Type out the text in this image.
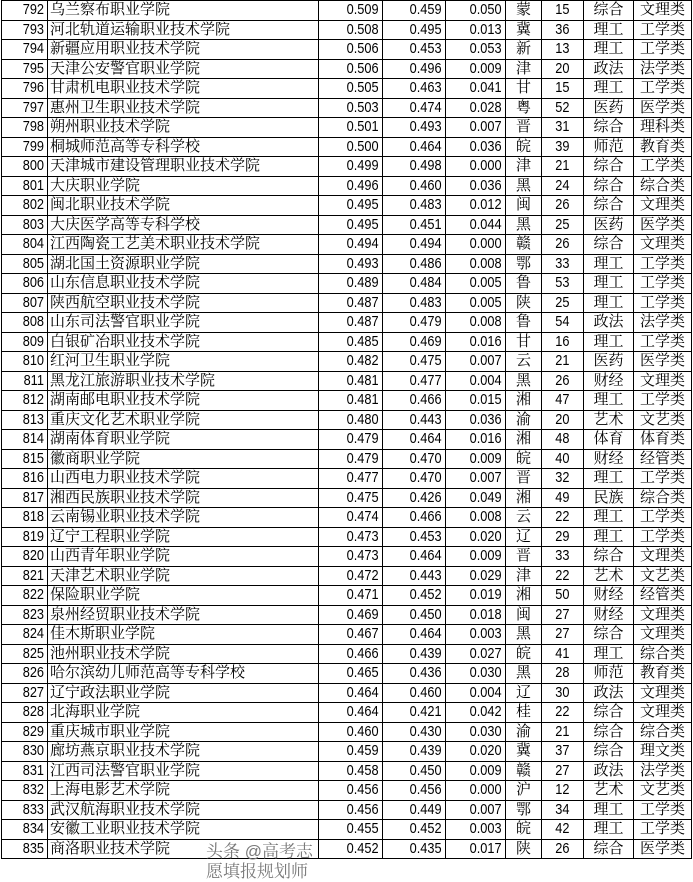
792	乌兰察布职业学院	0.509	0.459	0.050	蒙	15	综合	文理类
793	河北轨道运输职业技术学院	0.508	0.495	0.013	冀	36	理工	工学类
794	新疆应用职业技术学院	0.506	0.453	0.053	新	13	理工	工学类
795	天津公安警官职业学院	0.506	0.496	0.009	津	20	政法	法学类
796	甘肃机电职业技术学院	0.505	0.463	0.041	甘	15	理工	工学类
797	惠州卫生职业技术学院	0.503	0.474	0.028	粤	52	医药	医学类
798	朔州职业技术学院	0.501	0.493	0.007	晋	31	综合	理科类
799	桐城师范高等专科学校	0.500	0.464	0.036	皖	39	师范	教育类
800	天津城市建设管理职业技术学院	0.499	0.498	0.000	津	21	综合	工学类
801	大庆职业学院	0.496	0.460	0.036	黑	24	综合	综合类
802	闽北职业技术学院	0.495	0.483	0.012	闽	26	综合	文理类
803	大庆医学高等专科学校	0.495	0.451	0.044	黑	25	医药	医学类
804	江西陶瓷工艺美术职业技术学院	0.494	0.494	0.000	赣	26	综合	文理类
805	湖北国土资源职业学院	0.493	0.486	0.008	鄂	33	理工	工学类
806	山东信息职业技术学院	0.489	0.484	0.005	鲁	53	理工	工学类
807	陕西航空职业技术学院	0.487	0.483	0.005	陕	25	理工	工学类
808	山东司法警官职业学院	0.487	0.479	0.008	鲁	54	政法	法学类
809	白银矿冶职业技术学院	0.485	0.469	0.016	甘	16	理工	工学类
810	红河卫生职业学院	0.482	0.475	0.007	云	21	医药	医学类
811	黑龙江旅游职业技术学院	0.481	0.477	0.004	黑	26	财经	文理类
812	湖南邮电职业技术学院	0.481	0.466	0.015	湘	47	理工	工学类
813	重庆文化艺术职业学院	0.480	0.443	0.036	渝	20	艺术	文艺类
814	湖南体育职业学院	0.479	0.464	0.016	湘	48	体育	体育类
815	徽商职业学院	0.479	0.470	0.009	皖	40	财经	经管类
816	山西电力职业技术学院	0.477	0.470	0.007	晋	32	理工	工学类
817	湘西民族职业技术学院	0.475	0.426	0.049	湘	49	民族	综合类
818	云南锡业职业技术学院	0.474	0.466	0.008	云	22	理工	工学类
819	辽宁工程职业学院	0.473	0.453	0.020	辽	29	理工	工学类
820	山西青年职业学院	0.473	0.464	0.009	晋	33	综合	文理类
821	天津艺术职业学院	0.472	0.443	0.029	津	22	艺术	文艺类
822	保险职业学院	0.471	0.452	0.019	湘	50	财经	经管类
823	泉州经贸职业技术学院	0.469	0.450	0.018	闽	27	财经	文理类
824	佳木斯职业学院	0.467	0.464	0.003	黑	27	综合	文理类
825	池州职业技术学院	0.466	0.439	0.027	皖	41	理工	综合类
826	哈尔滨幼儿师范高等专科学校	0.465	0.436	0.030	黑	28	师范	教育类
827	辽宁政法职业学院	0.464	0.460	0.004	辽	30	政法	文理类
828	北海职业学院	0.464	0.421	0.042	桂	22	综合	文理类
829	重庆城市职业学院	0.460	0.430	0.030	渝	21	综合	综合类
830	廊坊燕京职业技术学院	0.459	0.439	0.020	冀	37	综合	理文类
831	江西司法警官职业学院	0.458	0.450	0.009	赣	27	政法	法学类
832	上海电影艺术学院	0.456	0.456	0.000	沪	12	艺术	文艺类
833	武汉航海职业技术学院	0.456	0.449	0.007	鄂	34	理工	工学类
834	安徽工业职业技术学院	0.455	0.452	0.003	皖	42	理工	工学类
835	商洛职业技术学院	0.452	0.435	0.017	陕	26	综合	医学类
头条 @高考志愿填报规划师
